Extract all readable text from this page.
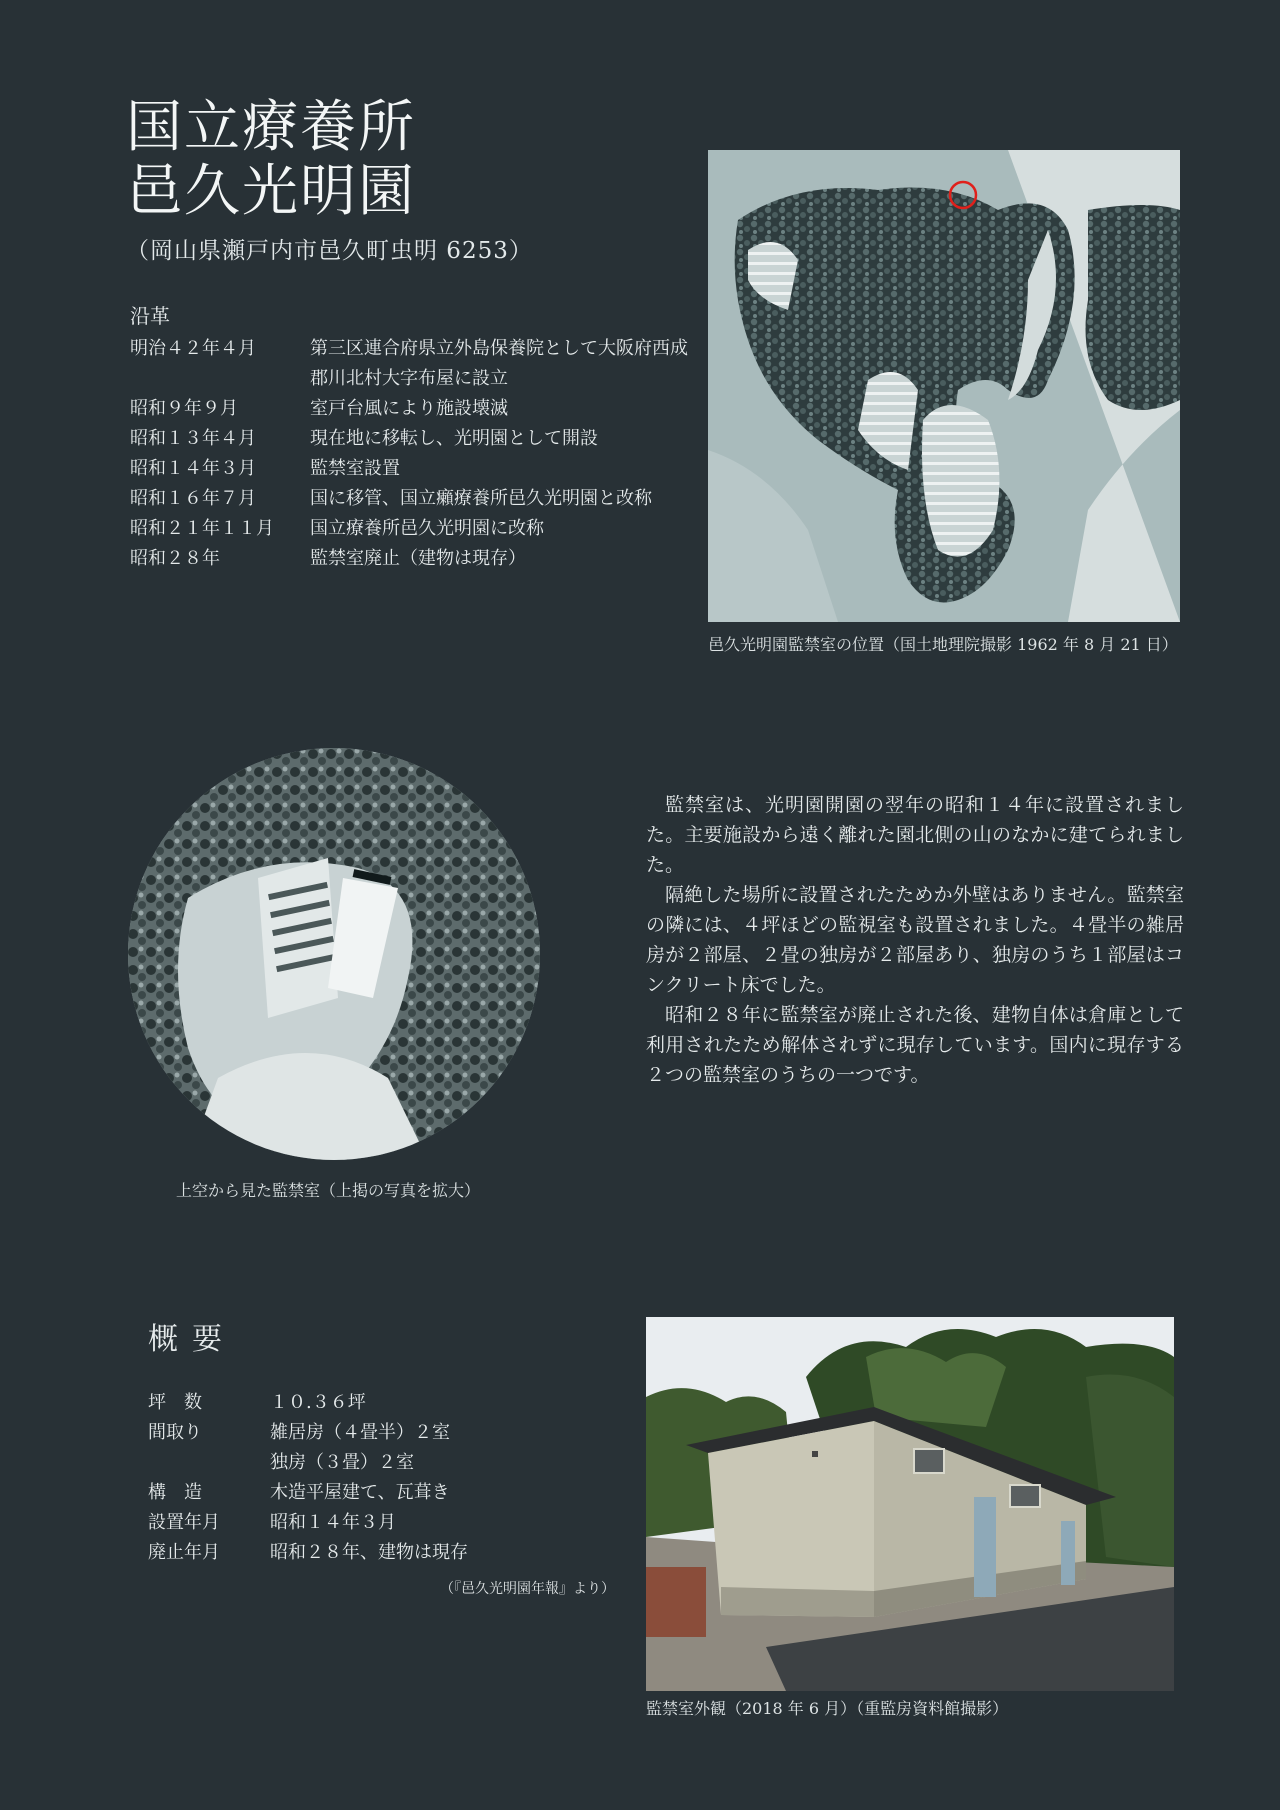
国立療養所
邑久光明園
（岡山県瀬戸内市邑久町虫明 6253）
沿革
明治４２年４月	第三区連合府県立外島保養院として大阪府西成郡川北村大字布屋に設立
昭和９年９月	室戸台風により施設壊滅
昭和１３年４月	現在地に移転し、光明園として開設
昭和１４年３月	監禁室設置
昭和１６年７月	国に移管、国立癩療養所邑久光明園と改称
昭和２１年１１月	国立療養所邑久光明園に改称
昭和２８年	監禁室廃止（建物は現存）
邑久光明園監禁室の位置（国土地理院撮影 1962 年 8 月 21 日）
上空から見た監禁室（上掲の写真を拡大）

監禁室は、光明園開園の翌年の昭和１４年に設置されました。主要施設から遠く離れた園北側の山のなかに建てられました。

隔絶した場所に設置されたためか外壁はありません。監禁室の隣には、４坪ほどの監視室も設置されました。４畳半の雑居房が２部屋、２畳の独房が２部屋あり、独房のうち１部屋はコンクリート床でした。

昭和２８年に監禁室が廃止された後、建物自体は倉庫として利用されたため解体されずに現存しています。国内に現存する２つの監禁室のうちの一つです。

概要
坪　数	１０.３６坪
間取り	雑居房（４畳半）２室
独房（３畳）２室
構　造	木造平屋建て、瓦葺き
設置年月	昭和１４年３月
廃止年月	昭和２８年、建物は現存
（『邑久光明園年報』より）
監禁室外観（2018 年 6 月）（重監房資料館撮影）
